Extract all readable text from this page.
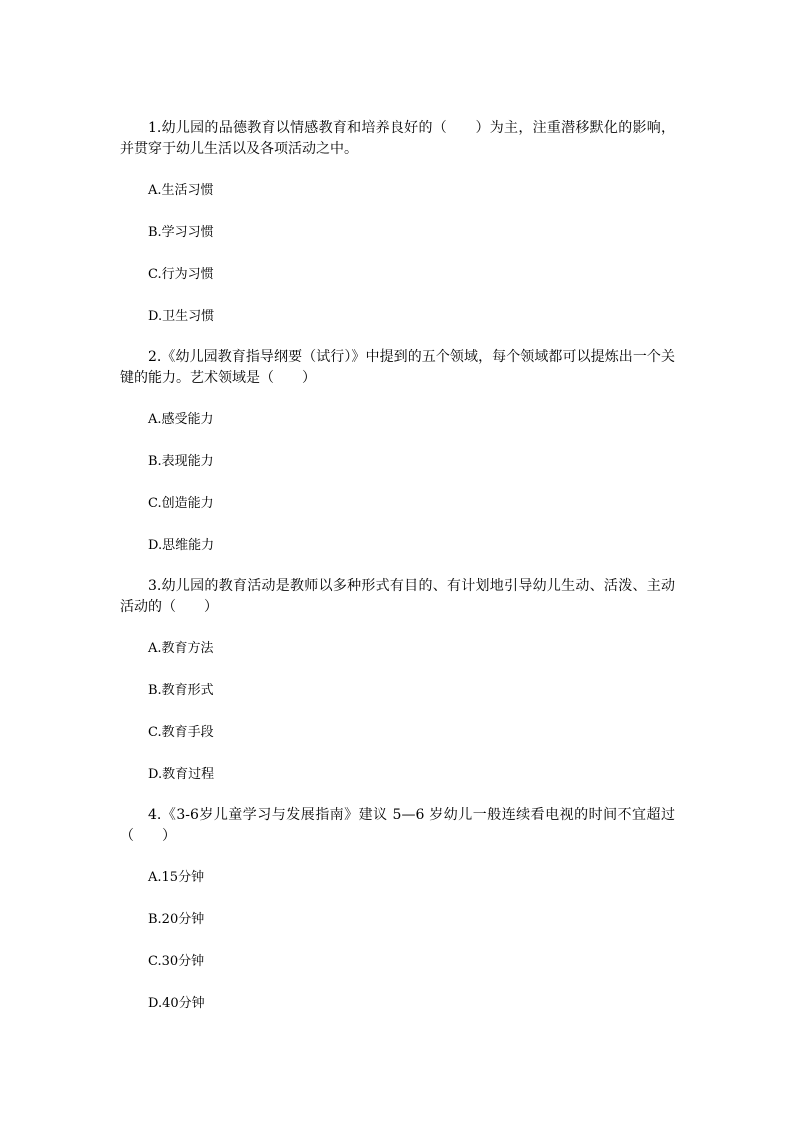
1.幼儿园的品德教育以情感教育和培养良好的（　　）为主，注重潜移默化的影响，并贯穿于幼儿生活以及各项活动之中。

A.生活习惯

B.学习习惯

C.行为习惯

D.卫生习惯

2.《幼儿园教育指导纲要（试行）》中提到的五个领域，每个领域都可以提炼出一个关键的能力。艺术领域是（　　）

A.感受能力

B.表现能力

C.创造能力

D.思维能力

3.幼儿园的教育活动是教师以多种形式有目的、有计划地引导幼儿生动、活泼、主动活动的（　　）

A.教育方法

B.教育形式

C.教育手段

D.教育过程

4.《3-6岁儿童学习与发展指南》建议 5—6 岁幼儿一般连续看电视的时间不宜超过（　　）

A.15分钟

B.20分钟

C.30分钟

D.40分钟
